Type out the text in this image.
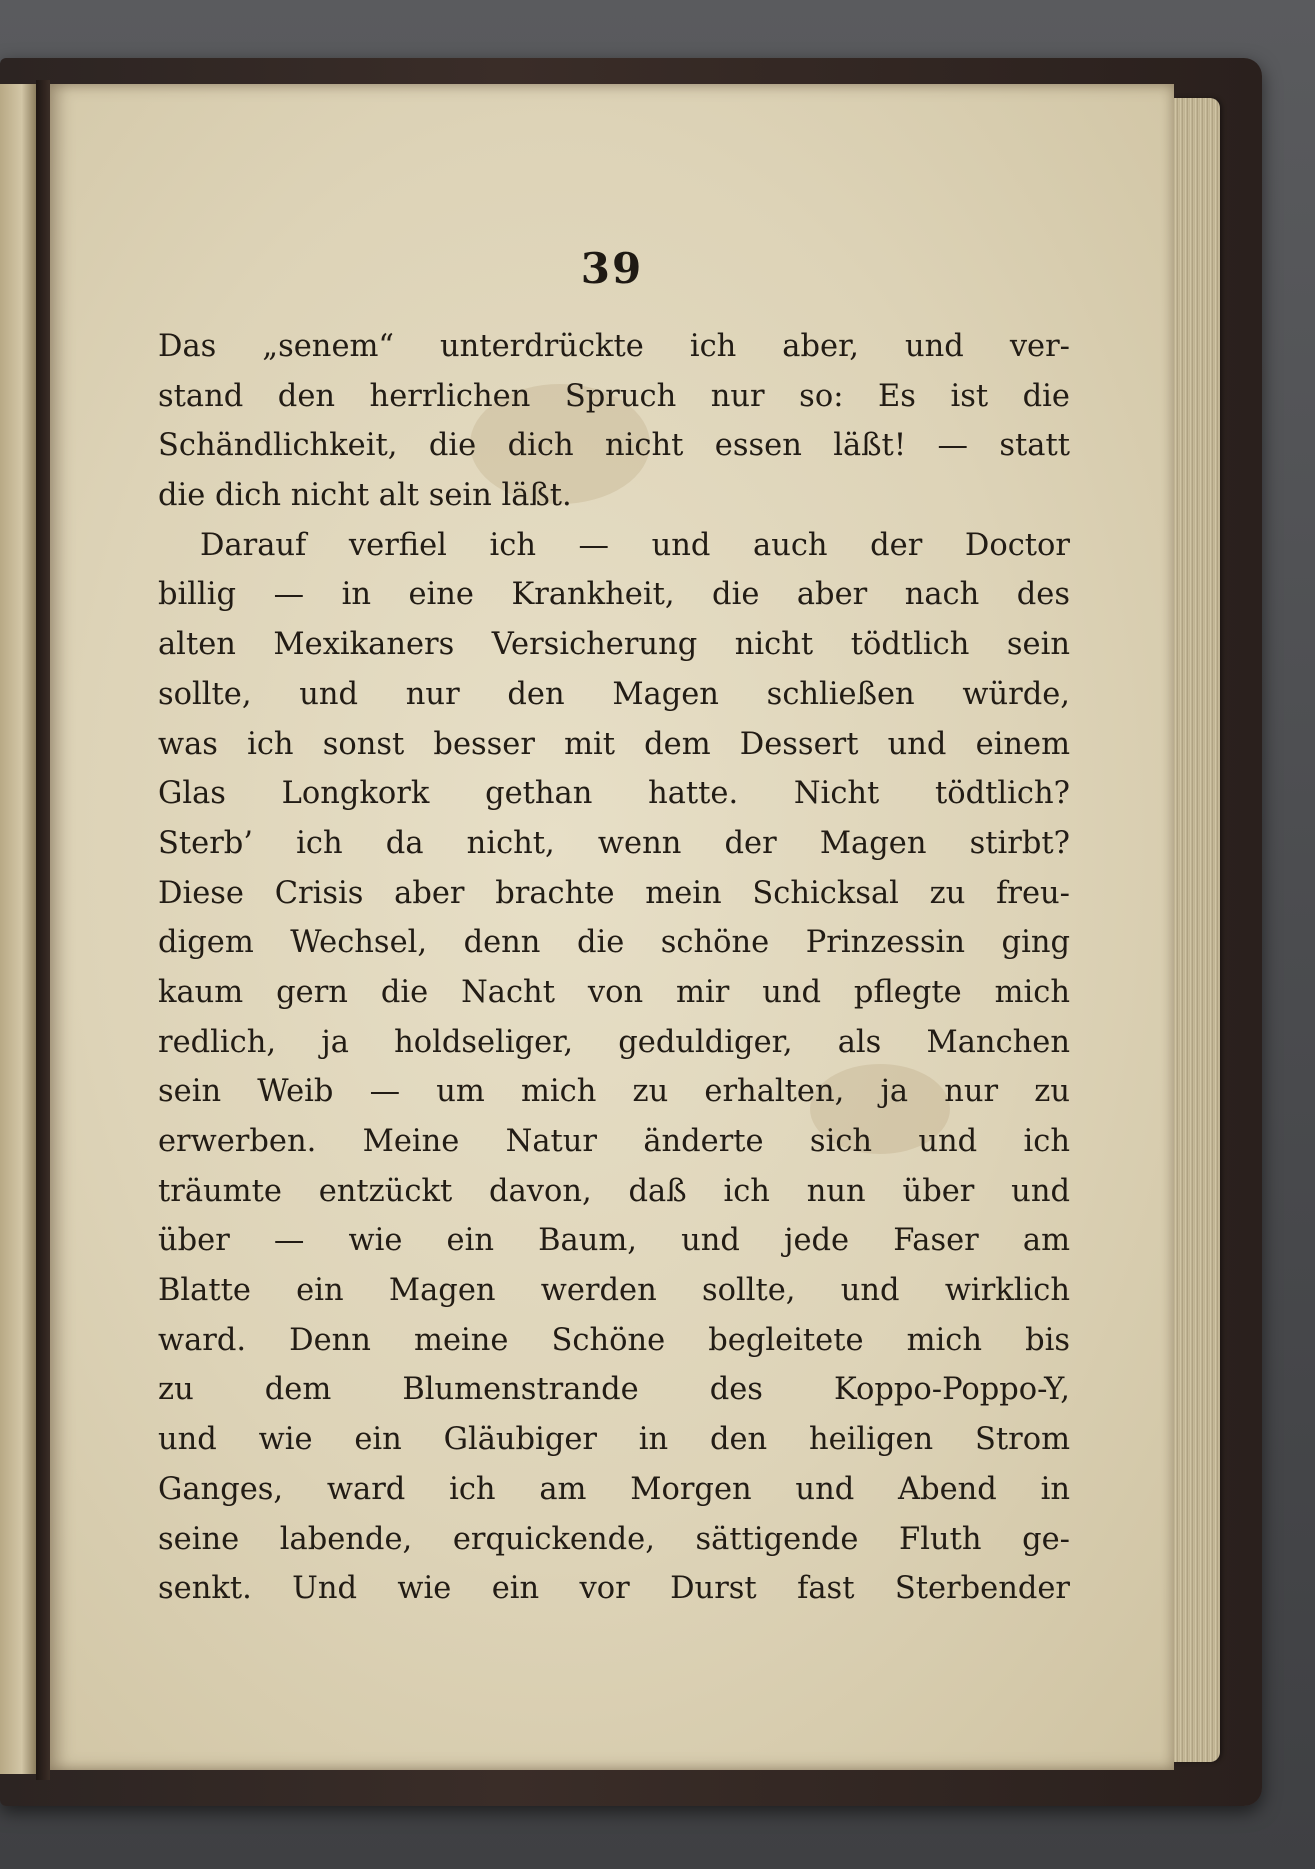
39
Das „senem“ unterdrückte ich aber, und ver-
stand den herrlichen Spruch nur so: Es ist die
Schändlichkeit, die dich nicht essen läßt! — statt
die dich nicht alt sein läßt.
Darauf verfiel ich — und auch der Doctor
billig — in eine Krankheit, die aber nach des
alten Mexikaners Versicherung nicht tödtlich sein
sollte, und nur den Magen schließen würde,
was ich sonst besser mit dem Dessert und einem
Glas Longkork gethan hatte. Nicht tödtlich?
Sterb’ ich da nicht, wenn der Magen stirbt?
Diese Crisis aber brachte mein Schicksal zu freu-
digem Wechsel, denn die schöne Prinzessin ging
kaum gern die Nacht von mir und pflegte mich
redlich, ja holdseliger, geduldiger, als Manchen
sein Weib — um mich zu erhalten, ja nur zu
erwerben. Meine Natur änderte sich und ich
träumte entzückt davon, daß ich nun über und
über — wie ein Baum, und jede Faser am
Blatte ein Magen werden sollte, und wirklich
ward. Denn meine Schöne begleitete mich bis
zu dem Blumenstrande des Koppo-Poppo-Y,
und wie ein Gläubiger in den heiligen Strom
Ganges, ward ich am Morgen und Abend in
seine labende, erquickende, sättigende Fluth ge-
senkt. Und wie ein vor Durst fast Sterbender
